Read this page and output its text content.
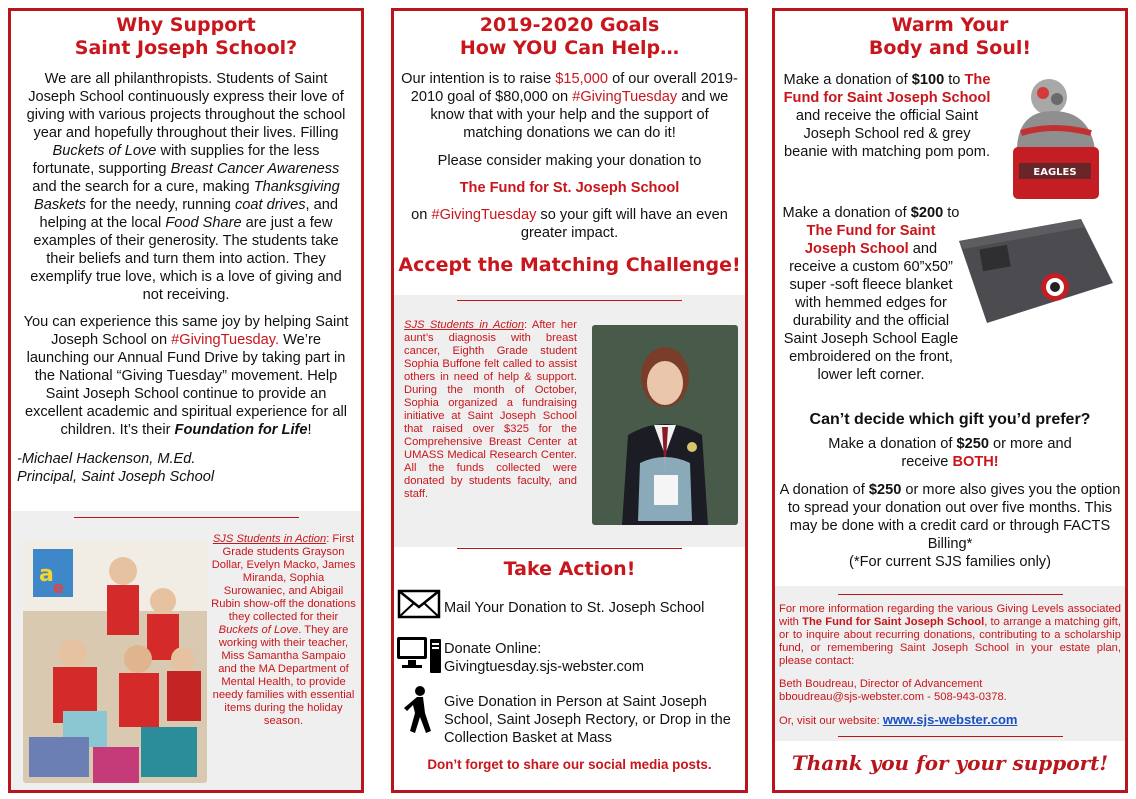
Why Support
Saint Joseph School?

We are all philanthropists. Students of Saint Joseph School continuously express their love of giving with various projects throughout the school year and hopefully throughout their lives. Filling Buckets of Love with supplies for the less fortunate, supporting Breast Cancer Awareness and the search for a cure, making Thanksgiving Baskets for the needy, running coat drives, and helping at the local Food Share are just a few examples of their generosity. The students take their beliefs and turn them into action. They exemplify true love, which is a love of giving and not receiving.

You can experience this same joy by helping Saint Joseph School on #GivingTuesday. We’re launching our Annual Fund Drive by taking part in the National “Giving Tuesday” movement. Help Saint Joseph School continue to provide an excellent academic and spiritual experience for all children. It’s their Foundation for Life!

-Michael Hackenson, M.Ed.
Principal, Saint Joseph School
a
e

SJS Students in Action: First Grade students Grayson Dollar, Evelyn Macko, James Miranda, Sophia Surowaniec, and Abigail Rubin show-off the donations they collected for their Buckets of Love. They are working with their teacher, Miss Samantha Sampaio and the MA Department of Mental Health, to provide needy families with essential items during the holiday season.

2019-2020 Goals
How YOU Can Help…

Our intention is to raise $15,000 of our overall 2019-2010 goal of $80,000 on #GivingTuesday and we know that with your help and the support of matching donations we can do it!

Please consider making your donation to

The Fund for St. Joseph School

on #GivingTuesday so your gift will have an even greater impact.

Accept the Matching Challenge!

SJS Students in Action: After her aunt’s diagnosis with breast cancer, Eighth Grade student Sophia Buffone felt called to assist others in need of help & support. During the month of October, Sophia organized a fundraising initiative at Saint Joseph School that raised over $325 for the Comprehensive Breast Center at UMASS Medical Research Center. All the funds collected were donated by students faculty, and staff.

Take Action!
Mail Your Donation to St. Joseph School
Donate Online:
Givingtuesday.sjs-webster.com
Give Donation in Person at Saint Joseph School, Saint Joseph Rectory, or Drop in the Collection Basket at Mass
Don’t forget to share our social media posts.
Warm Your
Body and Soul!

Make a donation of $100 to The Fund for Saint Joseph School and receive the official Saint Joseph School red & grey beanie with matching pom pom.

EAGLES

Make a donation of $200 to The Fund for Saint Joseph School and receive a custom 60”x50” super -soft fleece blanket with hemmed edges for durability and the official Saint Joseph School Eagle embroidered on the front, lower left corner.

Can’t decide which gift you’d prefer?

Make a donation of $250 or more and receive BOTH!

A donation of $250 or more also gives you the option to spread your donation out over five months. This may be done with a credit card or through FACTS Billing*
(*For current SJS families only)

For more information regarding the various Giving Levels associated with The Fund for Saint Joseph School, to arrange a matching gift, or to inquire about recurring donations, contributing to a scholarship fund, or remembering Saint Joseph School in your estate plan, please contact:

Beth Boudreau, Director of Advancement
bboudreau@sjs-webster.com - 508-943-0378.
Or, visit our website: www.sjs-webster.com
Thank you for your support!
